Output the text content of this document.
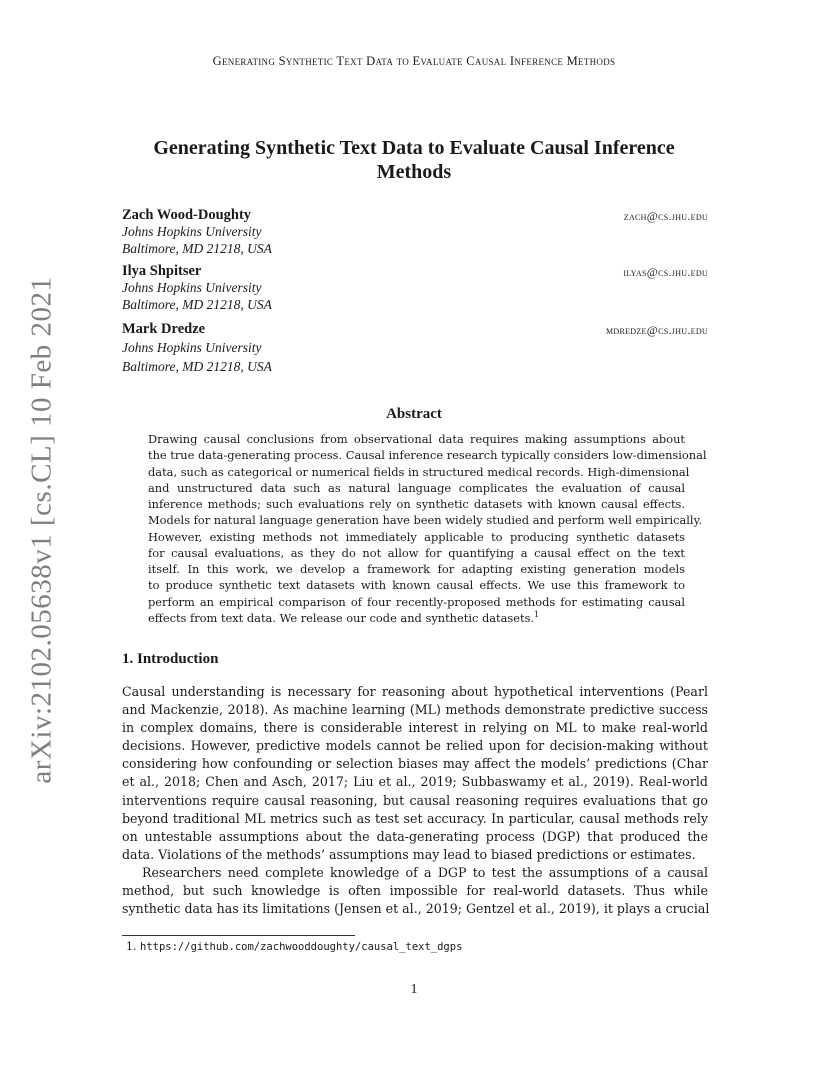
Generating Synthetic Text Data to Evaluate Causal Inference Methods
arXiv:2102.05638v1 [cs.CL] 10 Feb 2021
Generating Synthetic Text Data to Evaluate Causal Inference
Methods
Zach Wood-Doughty	zach@cs.jhu.edu
Johns Hopkins University
Baltimore, MD 21218, USA
Ilya Shpitser	ilyas@cs.jhu.edu
Johns Hopkins University
Baltimore, MD 21218, USA
Mark Dredze	mdredze@cs.jhu.edu
Johns Hopkins University
Baltimore, MD 21218, USA
Abstract
Drawing causal conclusions from observational data requires making assumptions about
the true data-generating process. Causal inference research typically considers low-dimensional
data, such as categorical or numerical fields in structured medical records. High-dimensional
and unstructured data such as natural language complicates the evaluation of causal
inference methods; such evaluations rely on synthetic datasets with known causal effects.
Models for natural language generation have been widely studied and perform well empirically.
However, existing methods not immediately applicable to producing synthetic datasets
for causal evaluations, as they do not allow for quantifying a causal effect on the text
itself. In this work, we develop a framework for adapting existing generation models
to produce synthetic text datasets with known causal effects. We use this framework to
perform an empirical comparison of four recently-proposed methods for estimating causal
effects from text data. We release our code and synthetic datasets.$^1$
1. Introduction
Causal understanding is necessary for reasoning about hypothetical interventions (Pearl
and Mackenzie, 2018). As machine learning (ML) methods demonstrate predictive success
in complex domains, there is considerable interest in relying on ML to make real-world
decisions. However, predictive models cannot be relied upon for decision-making without
considering how confounding or selection biases may affect the models’ predictions (Char
et al., 2018; Chen and Asch, 2017; Liu et al., 2019; Subbaswamy et al., 2019). Real-world
interventions require causal reasoning, but causal reasoning requires evaluations that go
beyond traditional ML metrics such as test set accuracy. In particular, causal methods rely
on untestable assumptions about the data-generating process (DGP) that produced the
data. Violations of the methods’ assumptions may lead to biased predictions or estimates.
Researchers need complete knowledge of a DGP to test the assumptions of a causal
method, but such knowledge is often impossible for real-world datasets. Thus while
synthetic data has its limitations (Jensen et al., 2019; Gentzel et al., 2019), it plays a crucial
1. https://github.com/zachwooddoughty/causal_text_dgps
1
